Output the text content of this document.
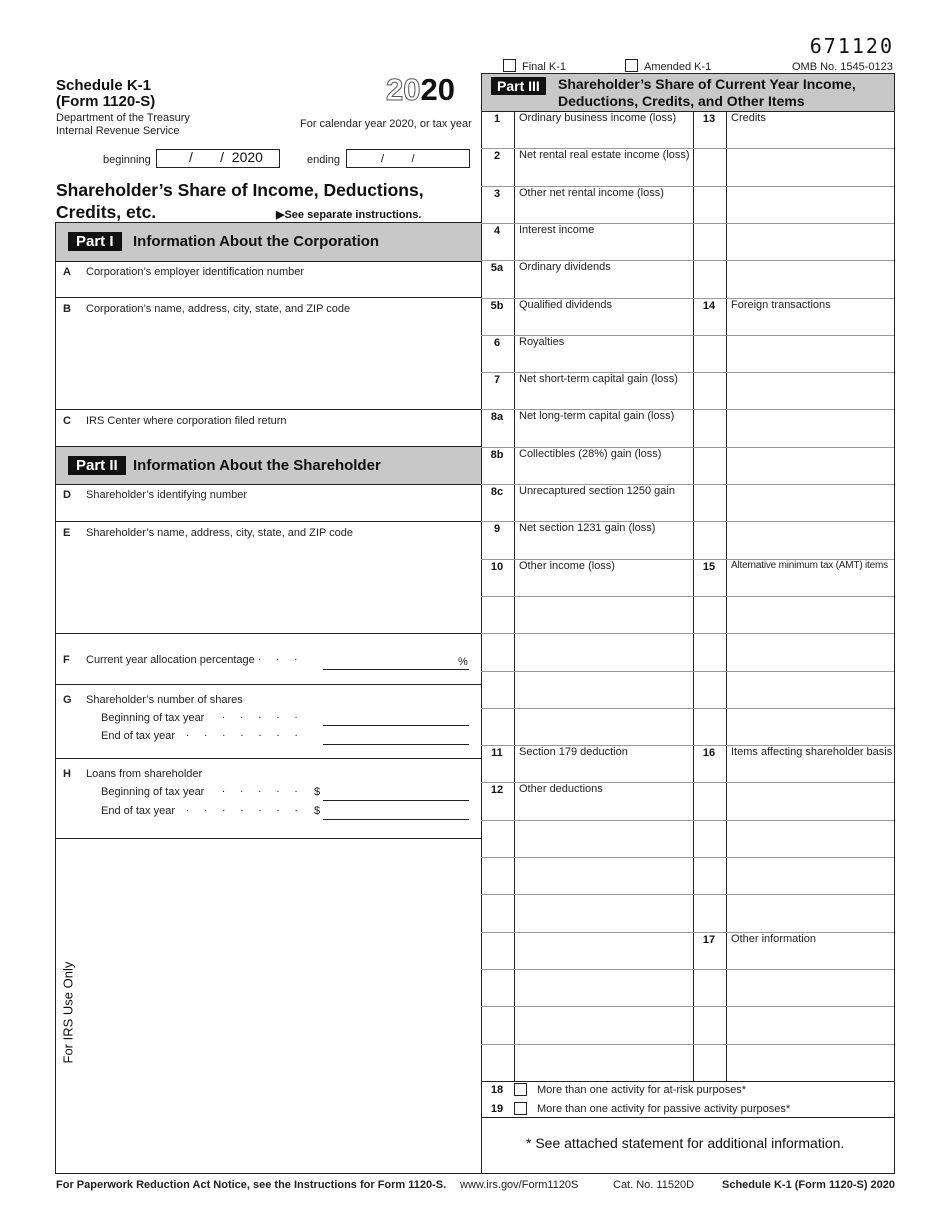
671120
Final K-1	Amended K-1	OMB No. 1545-0123
Schedule K-1
(Form 1120-S)	2020
Department of the Treasury
Internal Revenue Service
For calendar year 2020, or tax year
beginning	/       /  2020	ending	/         /
Shareholder’s Share of Income, Deductions,
Credits, etc.	▶See separate instructions.
Part I	Information About the Corporation
A Corporation’s employer identification number
B Corporation’s name, address, city, state, and ZIP code
C IRS Center where corporation filed return
Part II	Information About the Shareholder
D Shareholder’s identifying number
E Shareholder’s name, address, city, state, and ZIP code
F Current year allocation percentage . . .	%
G Shareholder’s number of shares
Beginning of tax year . . . . .
End of tax year . . . . . . .
H Loans from shareholder
Beginning of tax year . . . . . $
End of tax year . . . . . . . $
For IRS Use Only
Part III	Shareholder’s Share of Current Year Income,
Deductions, Credits, and Other Items
1	Ordinary business income (loss)
2	Net rental real estate income (loss)
3	Other net rental income (loss)
4	Interest income
5a	Ordinary dividends
5b	Qualified dividends
6	Royalties
7	Net short-term capital gain (loss)
8a	Net long-term capital gain (loss)
8b	Collectibles (28%) gain (loss)
8c	Unrecaptured section 1250 gain
9	Net section 1231 gain (loss)
10	Other income (loss)
11	Section 179 deduction
12	Other deductions
13	Credits
14	Foreign transactions
15	Alternative minimum tax (AMT) items
16	Items affecting shareholder basis
17	Other information
18	More than one activity for at-risk purposes*
19	More than one activity for passive activity purposes*
* See attached statement for additional information.
For Paperwork Reduction Act Notice, see the Instructions for Form 1120-S. www.irs.gov/Form1120S	Cat. No. 11520D	Schedule K-1 (Form 1120-S) 2020
